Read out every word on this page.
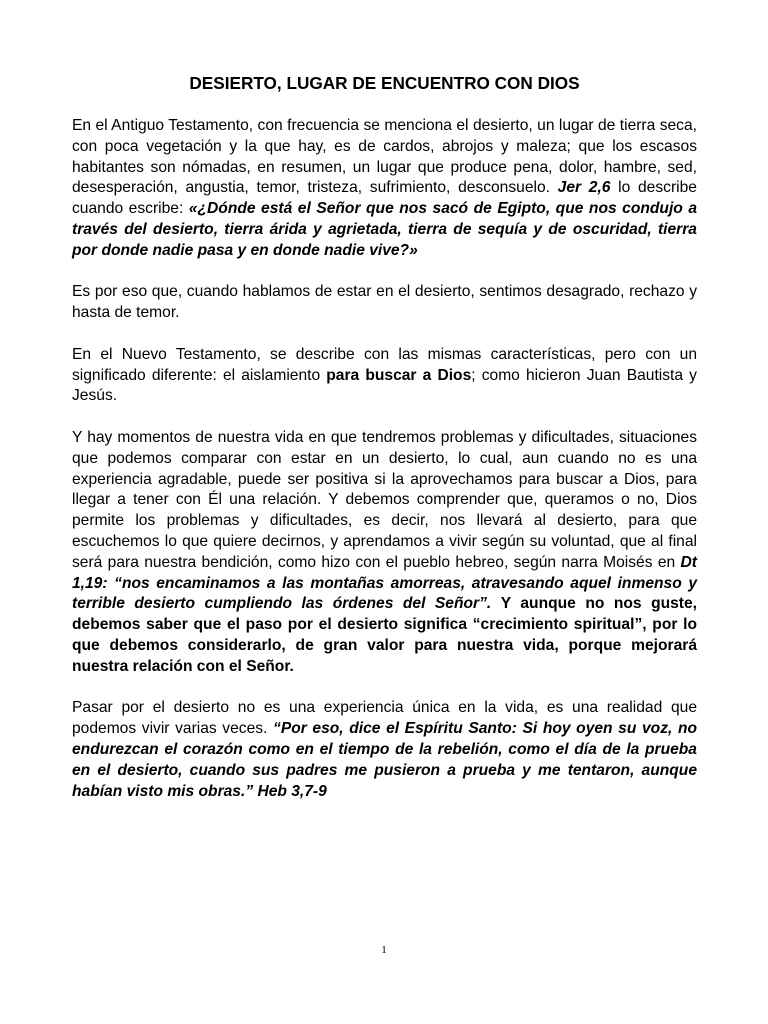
DESIERTO, LUGAR DE ENCUENTRO CON DIOS

En el Antiguo Testamento, con frecuencia se menciona el desierto, un lugar de tierra seca, con poca vegetación y la que hay, es de cardos, abrojos y maleza; que los escasos habitantes son nómadas, en resumen, un lugar que produce pena, dolor, hambre, sed, desesperación, angustia, temor, tristeza, sufrimiento, desconsuelo. Jer 2,6 lo describe cuando escribe: «¿Dónde está el Señor que nos sacó de Egipto, que nos condujo a través del desierto, tierra árida y agrietada, tierra de sequía y de oscuridad, tierra por donde nadie pasa y en donde nadie vive?»

Es por eso que, cuando hablamos de estar en el desierto, sentimos desagrado, rechazo y hasta de temor.

En el Nuevo Testamento, se describe con las mismas características, pero con un significado diferente: el aislamiento para buscar a Dios; como hicieron Juan Bautista y Jesús.

Y hay momentos de nuestra vida en que tendremos problemas y dificultades, situaciones que podemos comparar con estar en un desierto, lo cual, aun cuando no es una experiencia agradable, puede ser positiva si la aprovechamos para buscar a Dios, para llegar a tener con Él una relación. Y debemos comprender que, queramos o no, Dios permite los problemas y dificultades, es decir, nos llevará al desierto, para que escuchemos lo que quiere decirnos, y aprendamos a vivir según su voluntad, que al final será para nuestra bendición, como hizo con el pueblo hebreo, según narra Moisés en Dt 1,19: “nos encaminamos a las montañas amorreas, atravesando aquel inmenso y terrible desierto cumpliendo las órdenes del Señor”. Y aunque no nos guste, debemos saber que el paso por el desierto significa “crecimiento spiritual”, por lo que debemos considerarlo, de gran valor para nuestra vida, porque mejorará nuestra relación con el Señor.

Pasar por el desierto no es una experiencia única en la vida, es una realidad que podemos vivir varias veces. “Por eso, dice el Espíritu Santo: Si hoy oyen su voz, no endurezcan el corazón como en el tiempo de la rebelión, como el día de la prueba en el desierto, cuando sus padres me pusieron a prueba y me tentaron, aunque habían visto mis obras.” Heb 3,7-9

1
